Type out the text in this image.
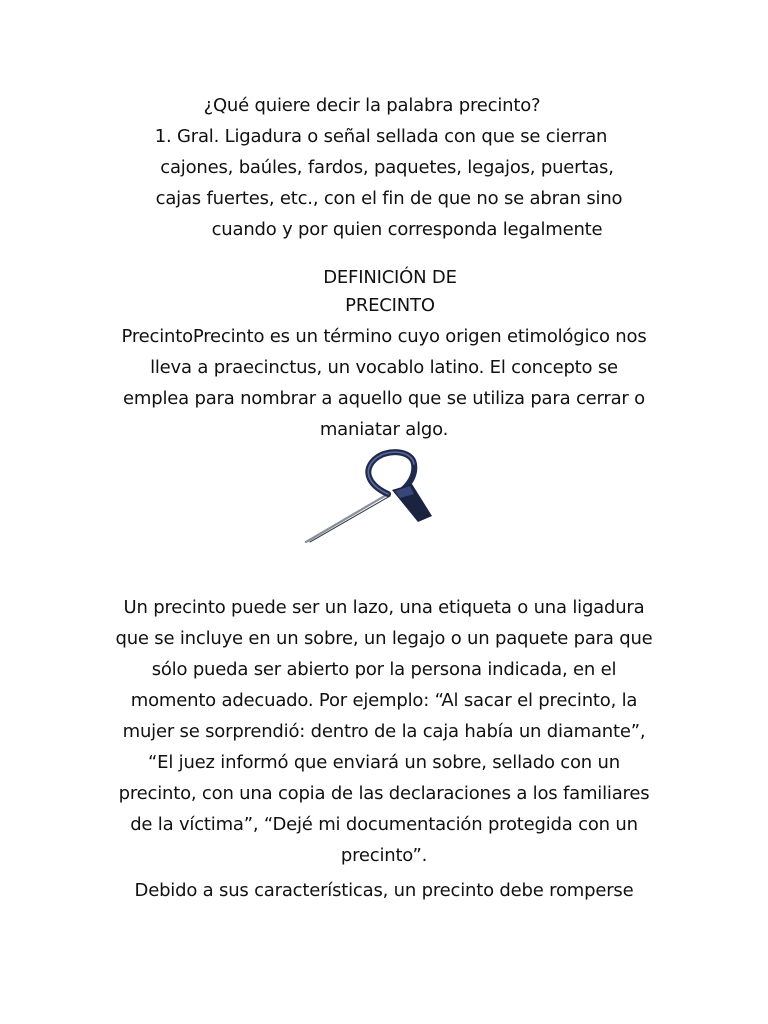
¿Qué quiere decir la palabra precinto?
1. Gral. Ligadura o señal sellada con que se cierran
cajones, baúles, fardos, paquetes, legajos, puertas,
cajas fuertes, etc., con el fin de que no se abran sino
cuando y por quien corresponda legalmente
DEFINICIÓN DE
PRECINTO
PrecintoPrecinto es un término cuyo origen etimológico nos
lleva a praecinctus, un vocablo latino. El concepto se
emplea para nombrar a aquello que se utiliza para cerrar o
maniatar algo.
Un precinto puede ser un lazo, una etiqueta o una ligadura
que se incluye en un sobre, un legajo o un paquete para que
sólo pueda ser abierto por la persona indicada, en el
momento adecuado. Por ejemplo: “Al sacar el precinto, la
mujer se sorprendió: dentro de la caja había un diamante”,
“El juez informó que enviará un sobre, sellado con un
precinto, con una copia de las declaraciones a los familiares
de la víctima”, “Dejé mi documentación protegida con un
precinto”.
Debido a sus características, un precinto debe romperse
